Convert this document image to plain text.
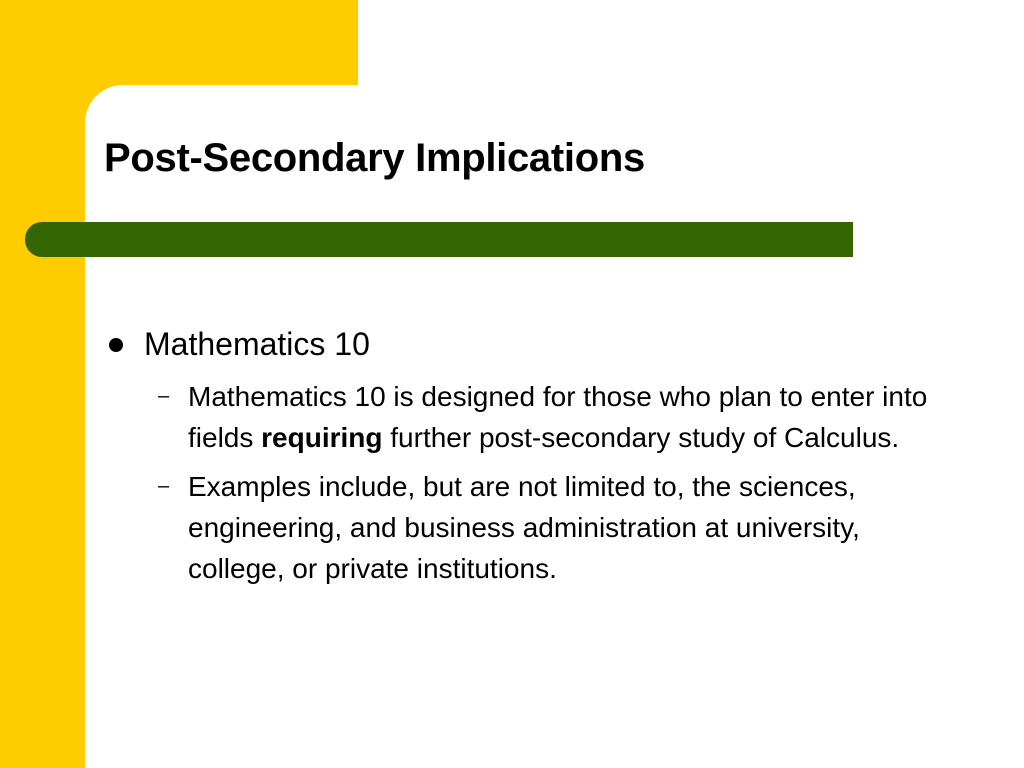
Post-Secondary Implications
Mathematics 10
– Mathematics 10 is designed for those who plan to enter into fields requiring further post-secondary study of Calculus.
– Examples include, but are not limited to, the sciences, engineering, and business administration at university, college, or private institutions.
